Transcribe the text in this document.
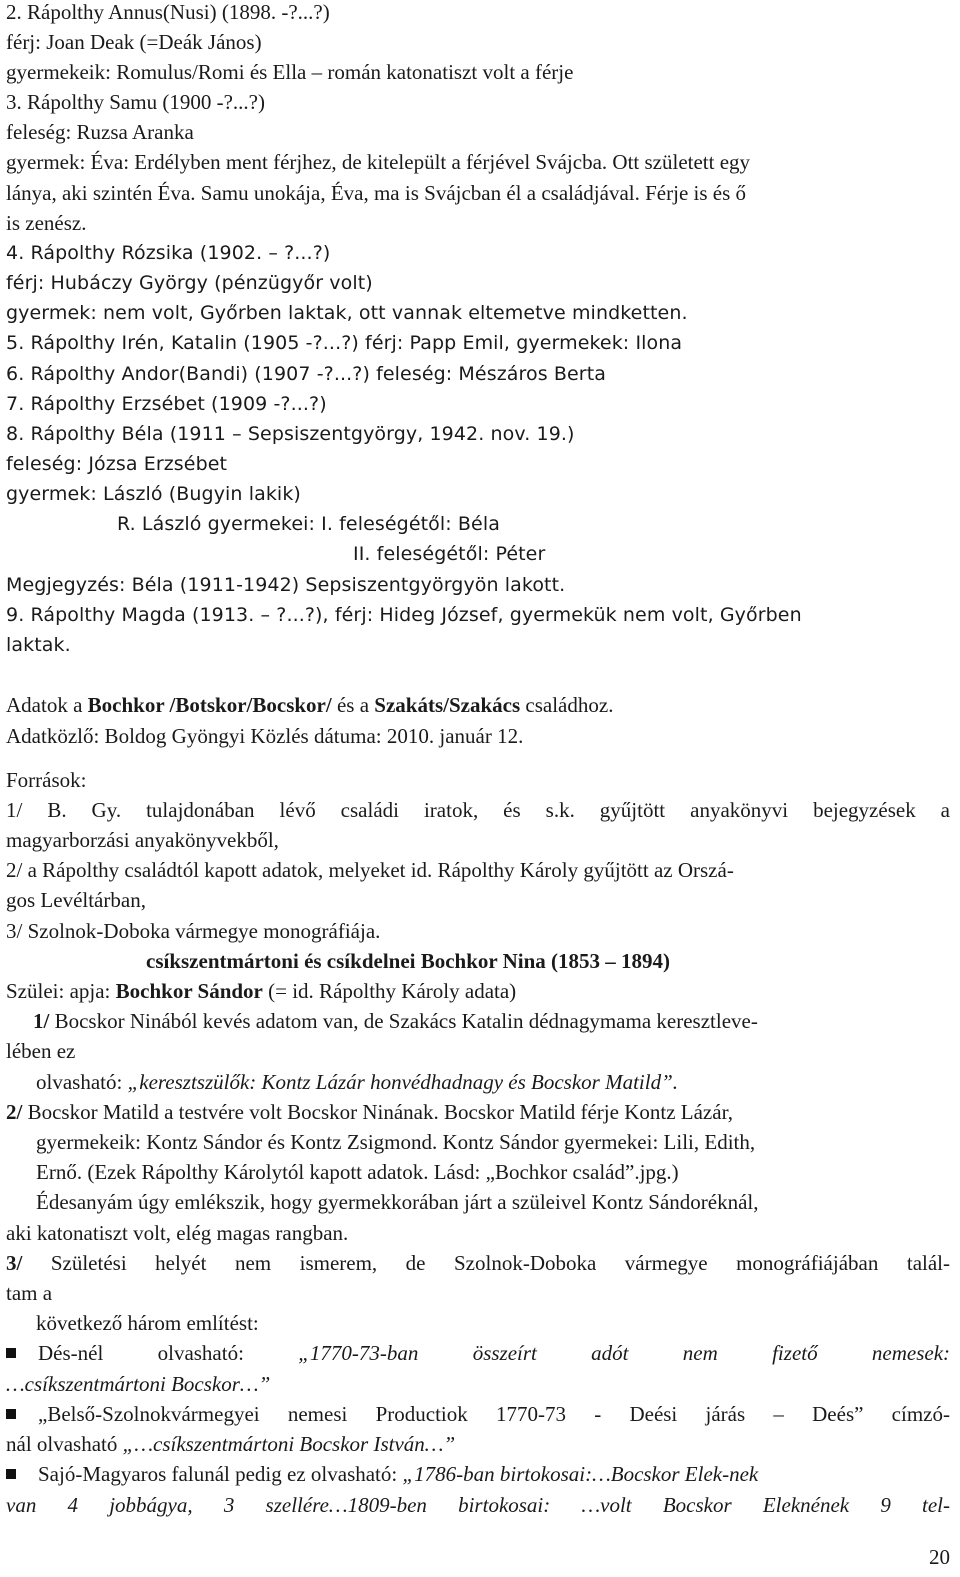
2. Rápolthy Annus(Nusi) (1898. -?...?)
férj: Joan Deak (=Deák János)
gyermekeik: Romulus/Romi és Ella – román katonatiszt volt a férje
3. Rápolthy Samu (1900 -?...?)
feleség: Ruzsa Aranka
gyermek: Éva: Erdélyben ment férjhez, de kitelepült a férjével Svájcba. Ott született egy
lánya, aki szintén Éva. Samu unokája, Éva, ma is Svájcban él a családjával. Férje is és ő
is zenész.
4. Rápolthy Rózsika (1902. – ?...?)
férj: Hubáczy György (pénzügyőr volt)
gyermek: nem volt, Győrben laktak, ott vannak eltemetve mindketten.
5. Rápolthy Irén, Katalin (1905 -?...?) férj: Papp Emil, gyermekek: Ilona
6. Rápolthy Andor(Bandi) (1907 -?...?) feleség: Mészáros Berta
7. Rápolthy Erzsébet (1909 -?...?)
8. Rápolthy Béla (1911 – Sepsiszentgyörgy, 1942. nov. 19.)
feleség: Józsa Erzsébet
gyermek: László (Bugyin lakik)
R. László gyermekei: I. feleségétől: Béla
II. feleségétől: Péter
Megjegyzés: Béla (1911-1942) Sepsiszentgyörgyön lakott.
9. Rápolthy Magda (1913. – ?...?), férj: Hideg József, gyermekük nem volt, Győrben
laktak.
Adatok a Bochkor /Botskor/Bocskor/ és a Szakáts/Szakács családhoz.
Adatközlő: Boldog Gyöngyi Közlés dátuma: 2010. január 12.
Források:
1/ B. Gy. tulajdonában lévő családi iratok, és s.k. gyűjtött anyakönyvi bejegyzések a
magyarborzási anyakönyvekből,
2/ a Rápolthy családtól kapott adatok, melyeket id. Rápolthy Károly gyűjtött az Orszá-
gos Levéltárban,
3/ Szolnok-Doboka vármegye monográfiája.
csíkszentmártoni és csíkdelnei Bochkor Nina (1853 – 1894)
Szülei: apja: Bochkor Sándor (= id. Rápolthy Károly adata)
1/ Bocskor Ninából kevés adatom van, de Szakács Katalin dédnagymama keresztleve-
lében ez
olvasható: „keresztszülők: Kontz Lázár honvédhadnagy és Bocskor Matild”.
2/ Bocskor Matild a testvére volt Bocskor Ninának. Bocskor Matild férje Kontz Lázár,
gyermekeik: Kontz Sándor és Kontz Zsigmond. Kontz Sándor gyermekei: Lili, Edith,
Ernő. (Ezek Rápolthy Károlytól kapott adatok. Lásd: „Bochkor család”.jpg.)
Édesanyám úgy emlékszik, hogy gyermekkorában járt a szüleivel Kontz Sándoréknál,
aki katonatiszt volt, elég magas rangban.
3/ Születési helyét nem ismerem, de Szolnok-Doboka vármegye monográfiájában talál-
tam a
következő három említést:
Dés-nél olvasható: „1770-73-ban összeírt adót nem fizető nemesek:
…csíkszentmártoni Bocskor…”
„Belső-Szolnokvármegyei nemesi Productiok 1770-73 - Deési járás – Deés” címzó-
nál olvasható „…csíkszentmártoni Bocskor István…”
Sajó-Magyaros falunál pedig ez olvasható: „1786-ban birtokosai:…Bocskor Elek-nek
van 4 jobbágya, 3 szellére…1809-ben birtokosai: …volt Bocskor Eleknének 9 tel-
20
